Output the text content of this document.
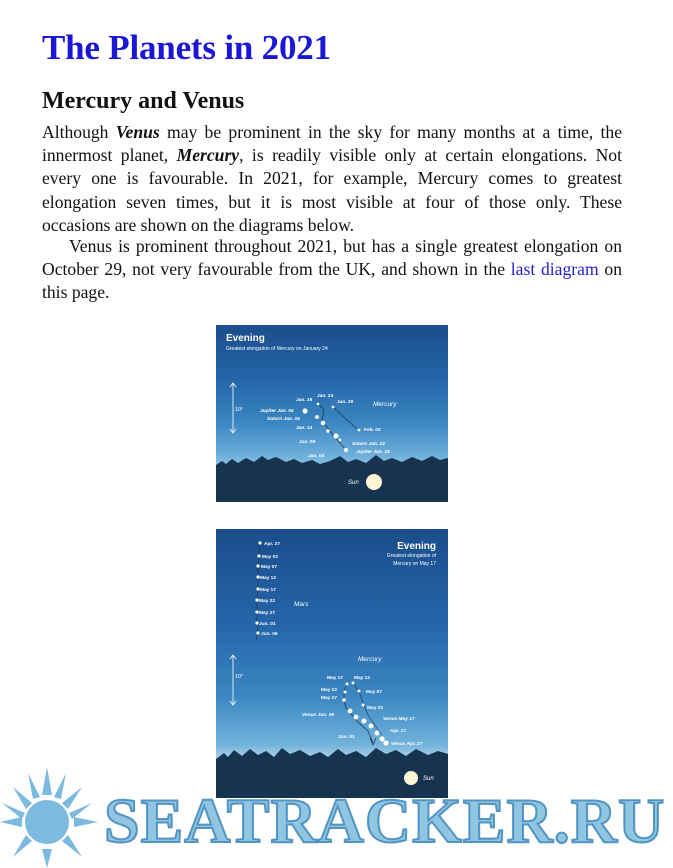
The Planets in 2021
Mercury and Venus

Although Venus may be prominent in the sky for many months at a time, the innermost planet, Mercury, is readily visible only at certain elongations. Not every one is favourable. In 2021, for example, Mercury comes to greatest elongation seven times, but it is most visible at four of those only. These occasions are shown on the diagrams below.

Venus is prominent throughout 2021, but has a single greatest elongation on October 29, not very favourable from the UK, and shown in the last diagram on this page.

Evening
Greatest elongation of Mercury on January 24
10°
Mercury
Jan. 19
Jan. 24
Jan. 29
Jupiter Jan. 04
Saturn Jan. 04
Jan. 14	Feb. 03
Jan. 09	Saturn Jan. 14
Jan. 04
Jupiter Jan. 19
Sun
Evening
Greatest elongation of
Mercury on May 17
Apr. 27
May 02
May 07
May 12
May 17
May 22
May 27
Jun. 01
Jun. 06
Mars
Mercury
10°	May 17 May 12
May 22	May 07
May 27
May 02
Venus Jun. 06
Venus May 17
Apr. 27
Jun. 01
Venus Apr. 27
Sun
SEATRACKER.RU
